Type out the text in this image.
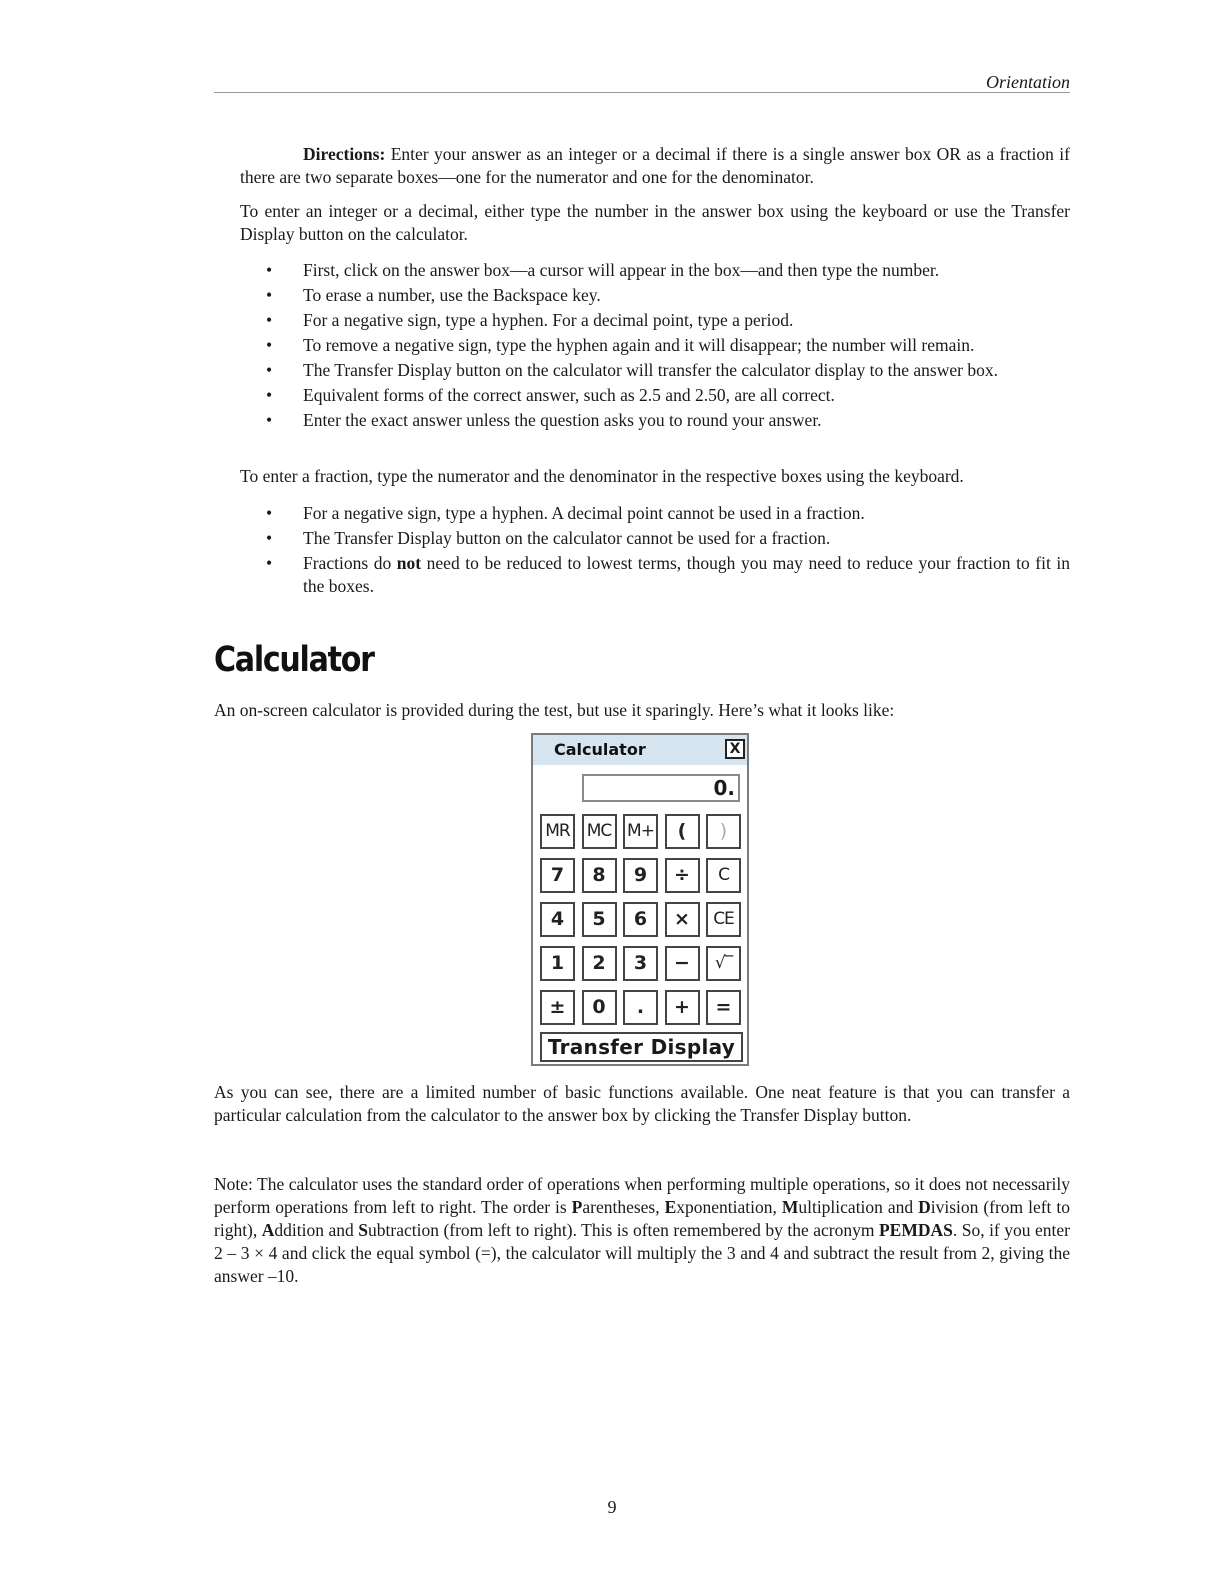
Orientation
Directions: Enter your answer as an integer or a decimal if there is a single answer box OR as a fraction if there are two separate boxes—one for the numerator and one for the denominator.
To enter an integer or a decimal, either type the number in the answer box using the keyboard or use the Transfer Display button on the calculator.
• First, click on the answer box—a cursor will appear in the box—and then type the number.
• To erase a number, use the Backspace key.
• For a negative sign, type a hyphen. For a decimal point, type a period.
• To remove a negative sign, type the hyphen again and it will disappear; the number will remain.
• The Transfer Display button on the calculator will transfer the calculator display to the answer box.
• Equivalent forms of the correct answer, such as 2.5 and 2.50, are all correct.
• Enter the exact answer unless the question asks you to round your answer.
To enter a fraction, type the numerator and the denominator in the respective boxes using the keyboard.
• For a negative sign, type a hyphen. A decimal point cannot be used in a fraction.
• The Transfer Display button on the calculator cannot be used for a fraction.
• Fractions do not need to be reduced to lowest terms, though you may need to reduce your fraction to fit in the boxes.
Calculator
An on-screen calculator is provided during the test, but use it sparingly. Here’s what it looks like:
Calculator	X
0.
MR MC M+	(	)
7	8	9	÷	C
4	5	6	×	CE
1	2	3	−	√‾
±	0	.	+	=
Transfer Display
As you can see, there are a limited number of basic functions available. One neat feature is that you can transfer a particular calculation from the calculator to the answer box by clicking the Transfer Display button.
Note: The calculator uses the standard order of operations when performing multiple operations, so it does not necessarily perform operations from left to right. The order is Parentheses, Exponentiation, Multiplication and Division (from left to right), Addition and Subtraction (from left to right). This is often remembered by the acronym PEMDAS. So, if you enter 2 – 3 × 4 and click the equal symbol (=), the calculator will multiply the 3 and 4 and subtract the result from 2, giving the answer –10.
9
